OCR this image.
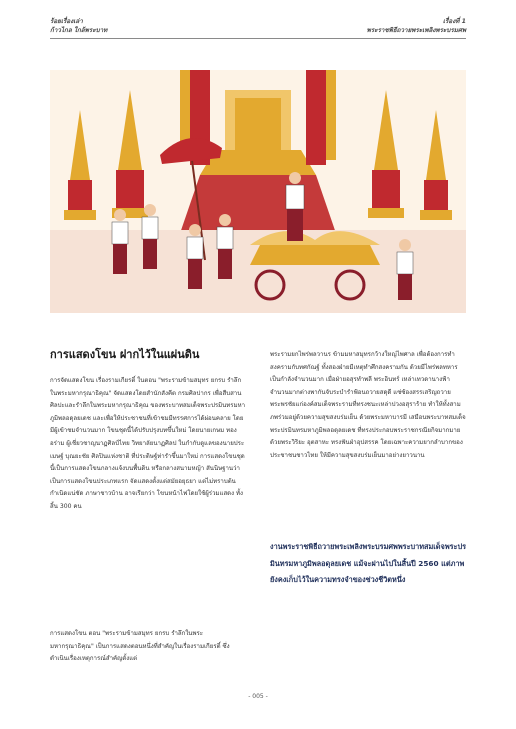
ร้อยเรื่องเล่า
ก้าวไกล ใกล้พระบาท
เรื่องที่ 1
พระราชพิธีถวายพระเพลิงพระบรมศพ
การแสดงโขน ฝากไว้ในแผ่นดิน
การจัดแสดงโขน เรื่องรามเกียรติ์ ในตอน "พระรามข้ามสมุทร ยกรบ รำลึกในพระมหากรุณาธิคุณ" จัดแสดงโดยสำนักสังคีต กรมศิลปากร เพื่อสืบสานศิลปะและรำลึกในพระมหากรุณาธิคุณ ของพระบาทสมเด็จพระปรมินทรมหาภูมิพลอดุลยเดช และเพื่อให้ประชาชนที่เข้าชมมีทรรศการได้ผ่อนคลาย โดยมีผู้เข้าชมจำนวนมาก โขนชุดนี้ได้ปรับปรุงบทขึ้นใหม่ โดยนายเกษม ทองอร่าม ผู้เชี่ยวชาญนาฏศิลป์ไทย วิทยาลัยนาฏศิลป ในกำกับดูแลของนายประเมษฐ์ บุณยะชัย ศิลปินแห่งชาติ ที่ประดิษฐ์ท่ารำขึ้นมาใหม่ การแสดงโขนชุดนี้เป็นการแสดงโขนกลางแจ้งบนพื้นดิน หรือกลางสนามหญ้า สันนิษฐานว่าเป็นการแสดงโขนประเภทแรก จัดแสดงตั้งแต่สมัยอยุธยา แต่ไม่ทราบต้นกำเนิดแน่ชัด ภาษาชาวบ้าน อาจเรียกว่า โขนหน้าไฟโดยใช้ผู้ร่วมแสดง ทั้งสิ้น 300 คน
การแสดงโขน ตอน "พระรามข้ามสมุทร ยกรบ รำลึกในพระมหากรุณาธิคุณ" เป็นการแสดงตอนหนึ่งที่สำคัญในเรื่องรามเกียรติ์ ซึ่งดำเนินเรื่องเหตุการณ์สำคัญตั้งแต่
พระรามยกไพร่พลวานร ข้ามมหาสมุทรกว้างใหญ่ไพศาล เพื่อต้องการทำสงครามกับทศกัณฐ์ ทั้งสองฝ่ายมีเหตุทำศึกสงครามกัน ด้วยมีไพร่พลทหารเป็นกำลังจำนวนมาก เมื่อฝ่ายอสุรทำพลี พระอินทร์ เหล่าเทวดานางฟ้าจำนวนมากต่างพากันจับระบำรำฟ้อนถวายสดุดี แซ่ซ้องสรรเสริญถวายพระพรชัยแก่องค์สมเด็จพระรามที่ทรงชนะเหล่าปวงอสุราร้าย ทำให้ทั้งสามภพร่วมอยู่ด้วยความสุขสงบร่มเย็น ด้วยพระมหาบารมี เสมือนพระบาทสมเด็จพระปรมินทรมหาภูมิพลอดุลยเดช ที่ทรงประกอบพระราชกรณียกิจมากมายด้วยพระวิริยะ อุตสาหะ ทรงฟันฝ่าอุปสรรค โดยเฉพาะความยากลำบากของประชาชนชาวไทย ให้มีความสุขสงบร่มเย็นมาอย่างยาวนาน
งานพระราชพิธีถวายพระเพลิงพระบรมศพพระบาทสมเด็จพระปรมินทรมหาภูมิพลอดุลยเดช แม้จะผ่านไปในสิ้นปี 2560 แต่ภาพยังคงเก็บไว้ในความทรงจำของช่วงชีวิตหนึ่ง
- 005 -
